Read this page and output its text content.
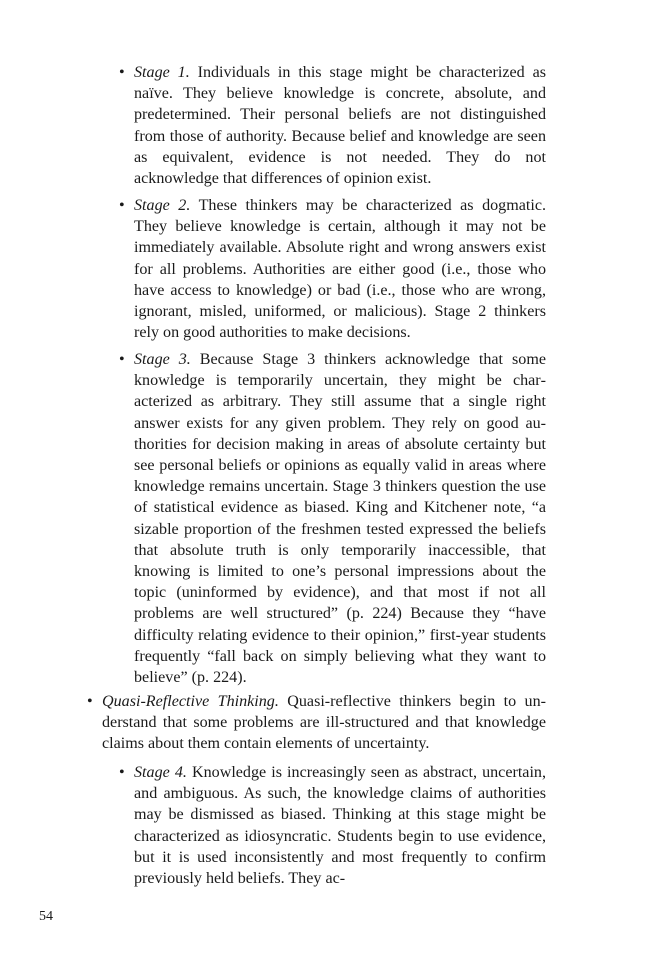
• Stage 1. Individuals in this stage might be characterized as naïve. They believe knowledge is concrete, absolute, and predetermined. Their personal beliefs are not distinguished from those of authority. Because belief and knowledge are seen as equivalent, evidence is not needed. They do not acknowledge that differences of opinion exist.

• Stage 2. These thinkers may be characterized as dogmatic. They believe knowledge is certain, although it may not be immediately available. Absolute right and wrong answers exist for all problems. Authorities are either good (i.e., those who have access to knowledge) or bad (i.e., those who are wrong, ignorant, misled, uniformed, or malicious). Stage 2 thinkers rely on good authorities to make decisions.

• Stage 3. Because Stage 3 thinkers acknowledge that some knowledge is temporarily uncertain, they might be characterized as arbitrary. They still assume that a single right answer exists for any given problem. They rely on good authorities for decision making in areas of absolute certainty but see personal beliefs or opinions as equally valid in areas where knowledge remains uncertain. Stage 3 thinkers question the use of statistical evidence as biased. King and Kitchener note, “a sizable proportion of the freshmen tested expressed the beliefs that absolute truth is only temporarily inaccessible, that knowing is limited to one’s personal impressions about the topic (uninformed by evidence), and that most if not all problems are well structured” (p. 224) Because they “have difficulty relating evidence to their opinion,” first-year students frequently “fall back on simply believing what they want to believe” (p. 224).

• Quasi-Reflective Thinking. Quasi-reflective thinkers begin to understand that some problems are ill-structured and that knowledge claims about them contain elements of uncertainty.

• Stage 4. Knowledge is increasingly seen as abstract, uncertain, and ambiguous. As such, the knowledge claims of authorities may be dismissed as biased. Thinking at this stage might be characterized as idiosyncratic. Students begin to use evidence, but it is used inconsistently and most frequently to confirm previously held beliefs. They ac-

54
